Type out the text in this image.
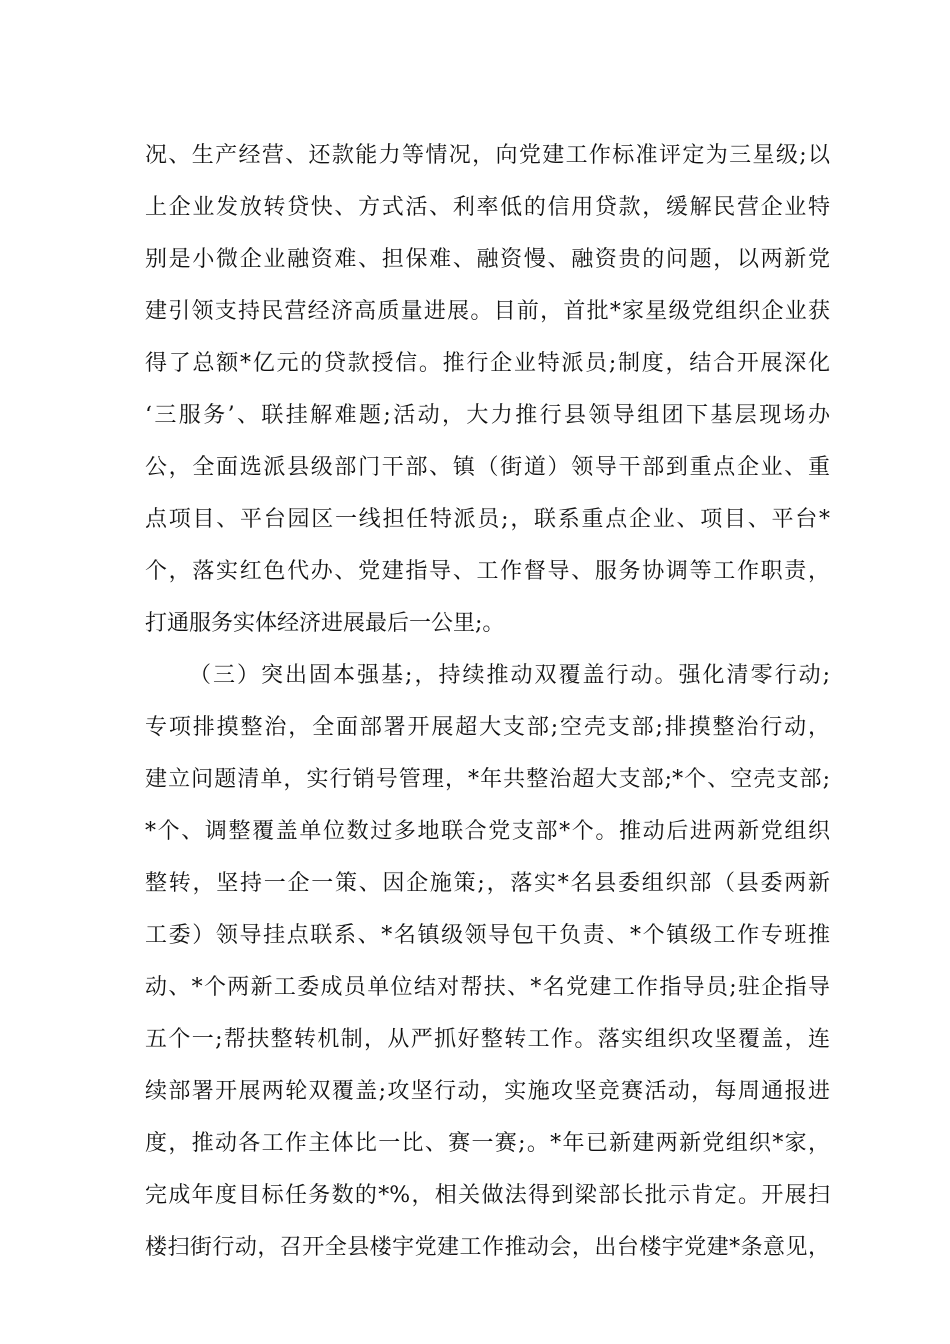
况、生产经营、还款能力等情况，向党建工作标准评定为三星级;以
上企业发放转贷快、方式活、利率低的信用贷款，缓解民营企业特
别是小微企业融资难、担保难、融资慢、融资贵的问题，以两新党
建引领支持民营经济高质量进展。目前，首批*家星级党组织企业获
得了总额*亿元的贷款授信。推行企业特派员;制度，结合开展深化
‘三服务’、联挂解难题;活动，大力推行县领导组团下基层现场办
公，全面选派县级部门干部、镇（街道）领导干部到重点企业、重
点项目、平台园区一线担任特派员;，联系重点企业、项目、平台*
个，落实红色代办、党建指导、工作督导、服务协调等工作职责，
打通服务实体经济进展最后一公里;。
（三）突出固本强基;，持续推动双覆盖行动。强化清零行动;
专项排摸整治，全面部署开展超大支部;空壳支部;排摸整治行动，
建立问题清单，实行销号管理，*年共整治超大支部;*个、空壳支部;
*个、调整覆盖单位数过多地联合党支部*个。推动后进两新党组织
整转，坚持一企一策、因企施策;，落实*名县委组织部（县委两新
工委）领导挂点联系、*名镇级领导包干负责、*个镇级工作专班推
动、*个两新工委成员单位结对帮扶、*名党建工作指导员;驻企指导
五个一;帮扶整转机制，从严抓好整转工作。落实组织攻坚覆盖，连
续部署开展两轮双覆盖;攻坚行动，实施攻坚竞赛活动，每周通报进
度，推动各工作主体比一比、赛一赛;。*年已新建两新党组织*家，
完成年度目标任务数的*%，相关做法得到梁部长批示肯定。开展扫
楼扫街行动，召开全县楼宇党建工作推动会，出台楼宇党建*条意见，
